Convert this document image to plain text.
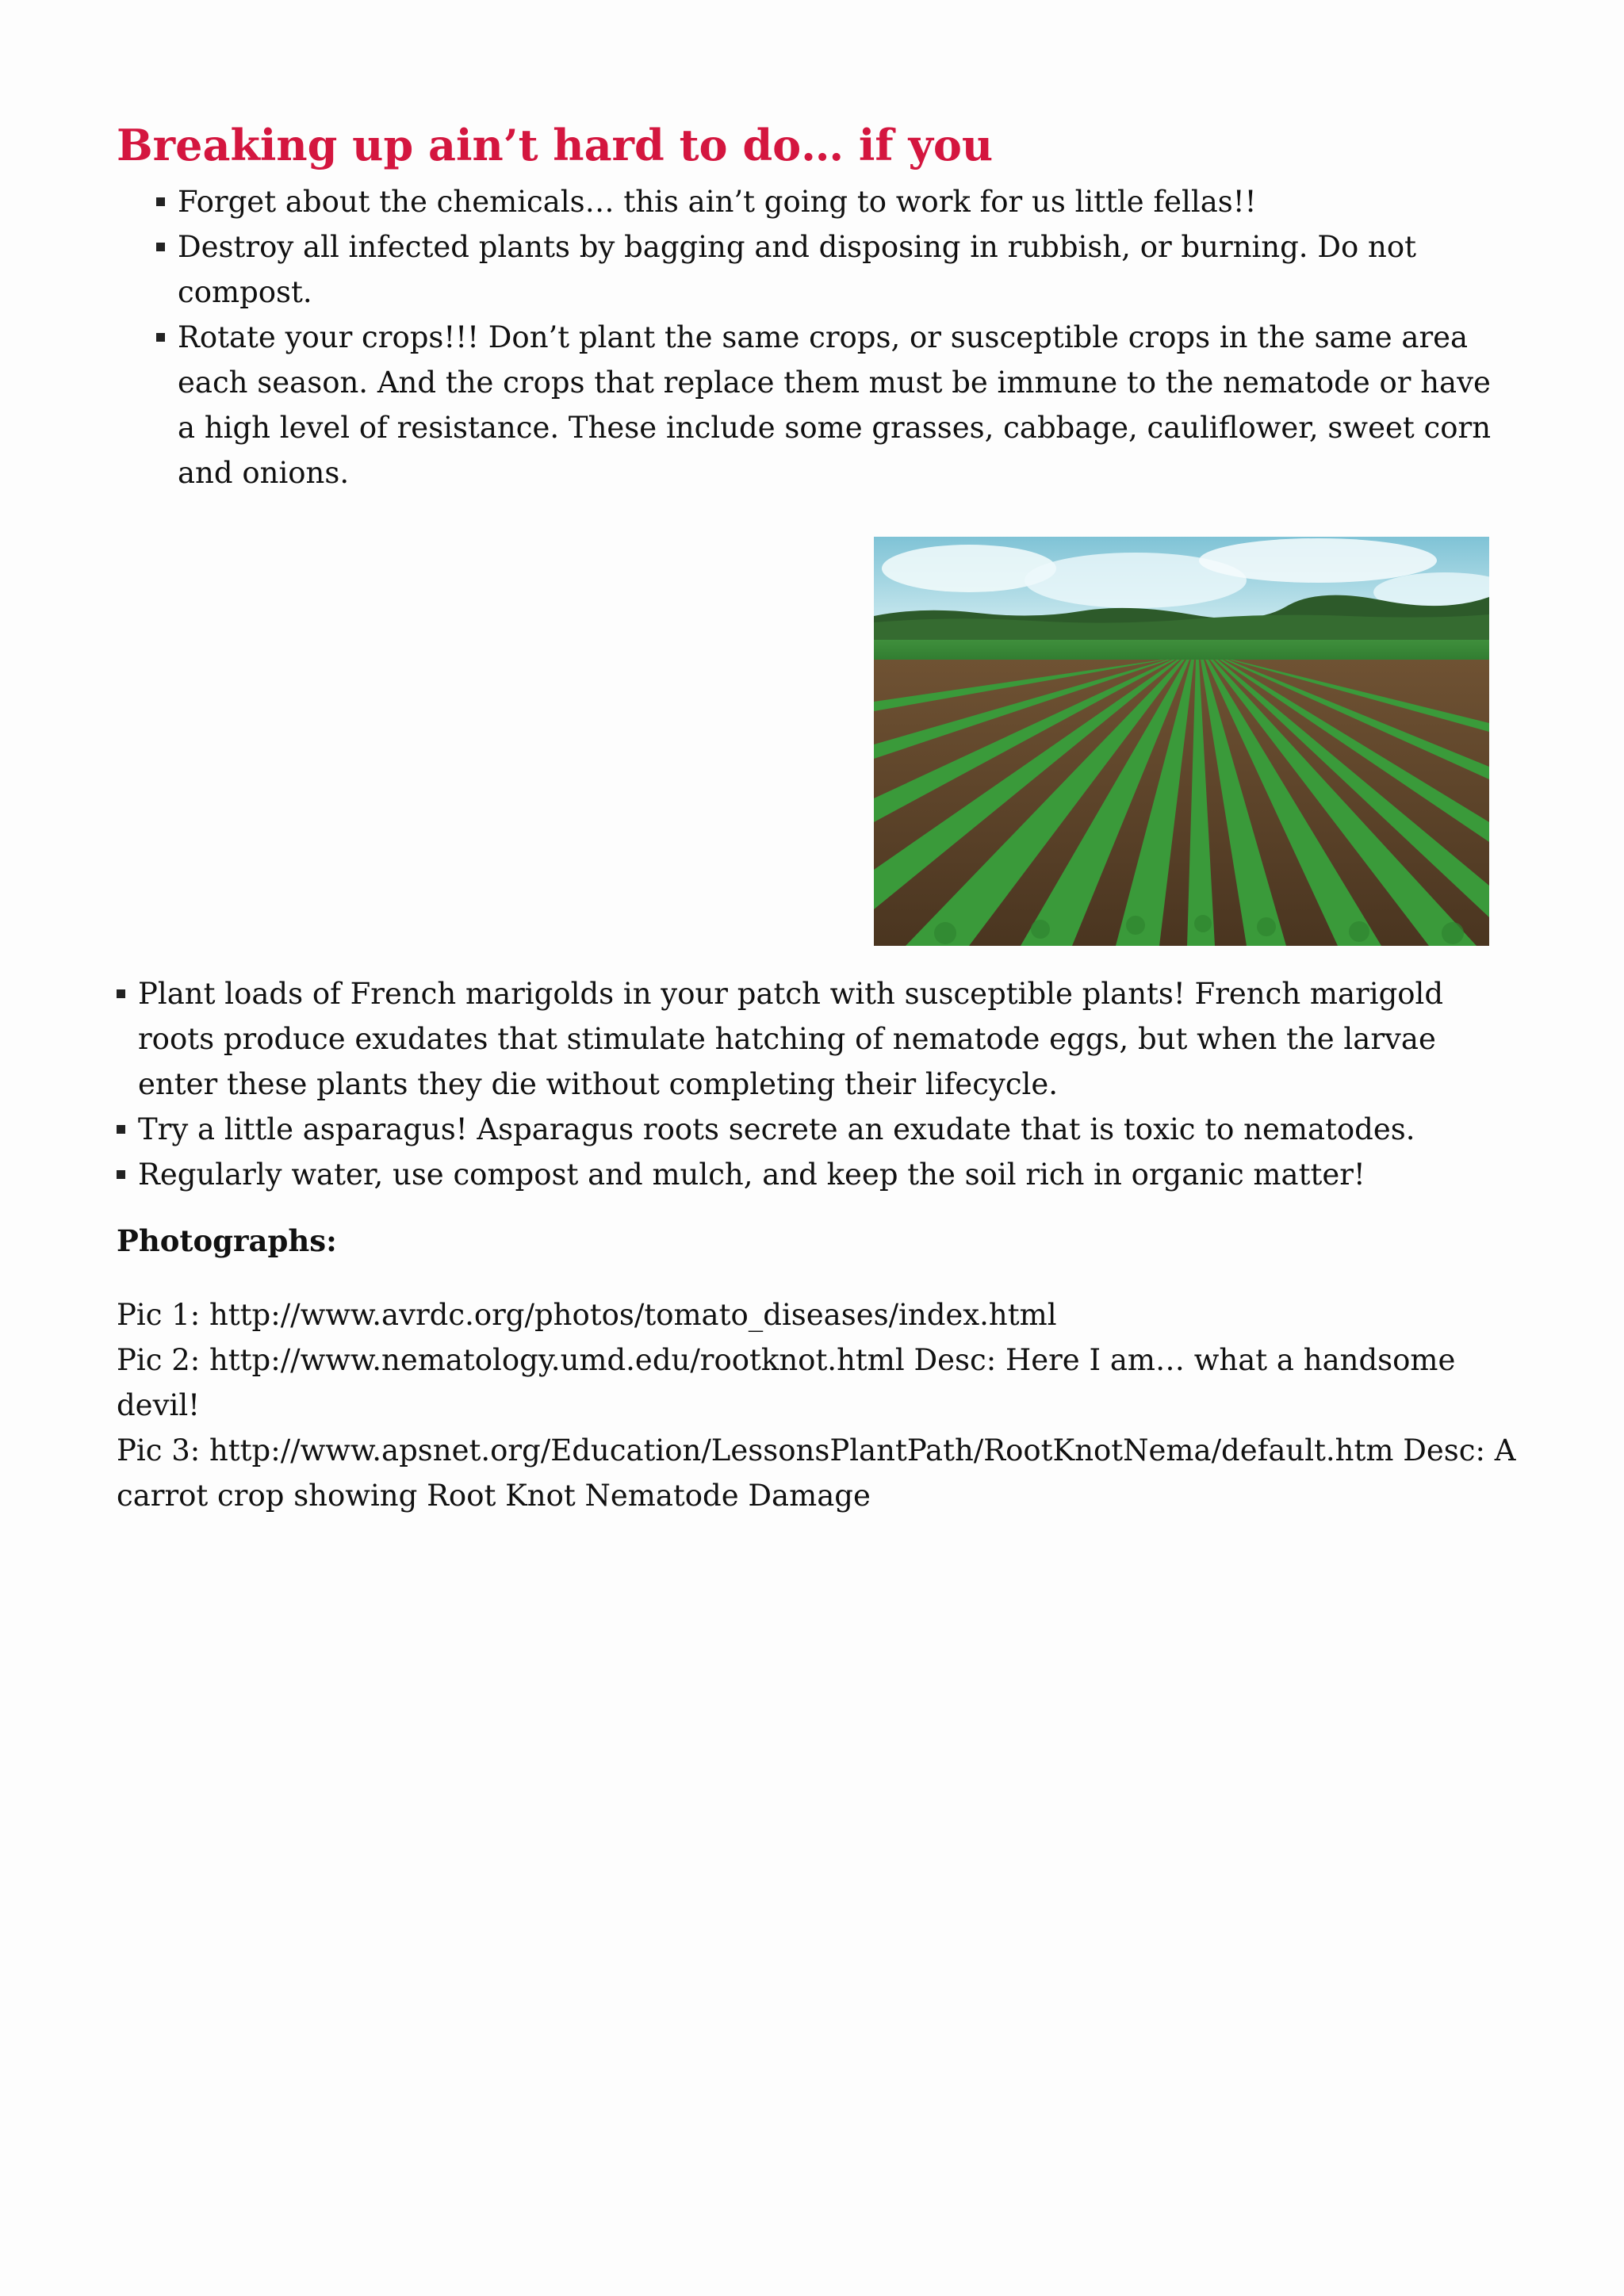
Breaking up ain’t hard to do… if you
Forget about the chemicals… this ain’t going to work for us little fellas!!
Destroy all infected plants by bagging and disposing in rubbish, or burning. Do not compost.
Rotate your crops!!! Don’t plant the same crops, or susceptible crops in the same area each season. And the crops that replace them must be immune to the nematode or have a high level of resistance. These include some grasses, cabbage, cauliflower, sweet corn and onions.
Plant loads of French marigolds in your patch with susceptible plants! French marigold roots produce exudates that stimulate hatching of nematode eggs, but when the larvae enter these plants they die without completing their lifecycle.
Try a little asparagus! Asparagus roots secrete an exudate that is toxic to nematodes.
Regularly water, use compost and mulch, and keep the soil rich in organic matter!
Photographs:

Pic 1: http://www.avrdc.org/photos/tomato_diseases/index.html

Pic 2: http://www.nematology.umd.edu/rootknot.html Desc: Here I am… what a handsome devil!

Pic 3: http://www.apsnet.org/Education/LessonsPlantPath/RootKnotNema/default.htm Desc: A carrot crop showing Root Knot Nematode Damage
